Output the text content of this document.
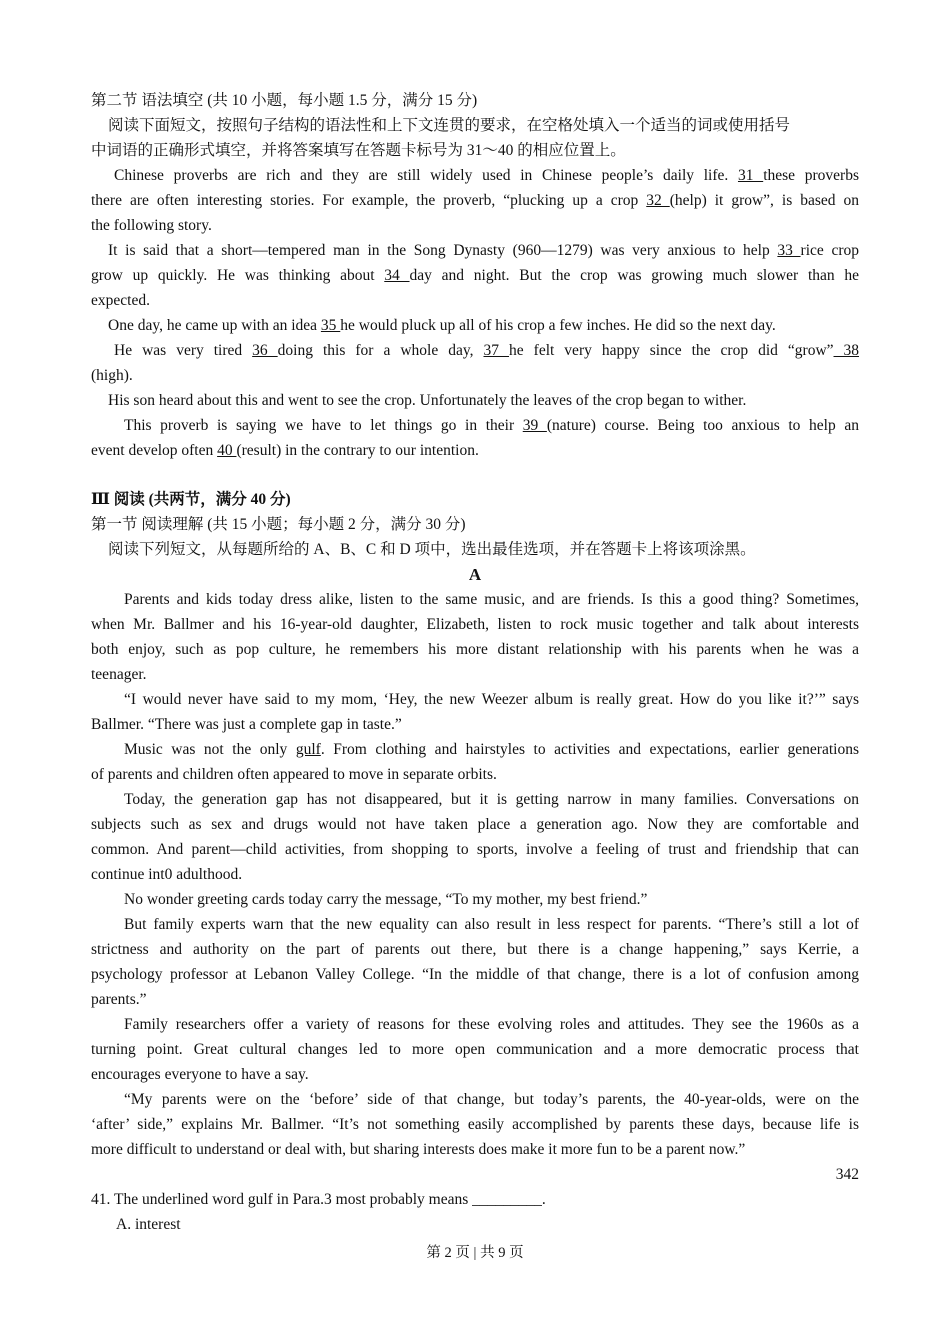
第二节 语法填空 (共 10 小题，每小题 1.5 分，满分 15 分)
阅读下面短文，按照句子结构的语法性和上下文连贯的要求，在空格处填入一个适当的词或使用括号
中词语的正确形式填空，并将答案填写在答题卡标号为 31～40 的相应位置上。
Chinese proverbs are rich and they are still widely used in Chinese people’s daily life. 31 these proverbs
there are often interesting stories. For example, the proverb, “plucking up a crop 32 (help) it grow”, is based on
the following story.
It is said that a short—tempered man in the Song Dynasty (960—1279) was very anxious to help 33 rice crop
grow up quickly. He was thinking about 34 day and night. But the crop was growing much slower than he
expected.
One day, he came up with an idea 35 he would pluck up all of his crop a few inches. He did so the next day.
He was very tired 36 doing this for a whole day, 37 he felt very happy since the crop did “grow” 38
(high).
His son heard about this and went to see the crop. Unfortunately the leaves of the crop began to wither.
This proverb is saying we have to let things go in their 39 (nature) course. Being too anxious to help an
event develop often 40 (result) in the contrary to our intention.
Ⅲ 阅读 (共两节，满分 40 分)
第一节 阅读理解 (共 15 小题；每小题 2 分，满分 30 分)
阅读下列短文，从每题所给的 A、B、C 和 D 项中，选出最佳选项，并在答题卡上将该项涂黑。
A
Parents and kids today dress alike, listen to the same music, and are friends. Is this a good thing? Sometimes,
when Mr. Ballmer and his 16-year-old daughter, Elizabeth, listen to rock music together and talk about interests
both enjoy, such as pop culture, he remembers his more distant relationship with his parents when he was a
teenager.
“I would never have said to my mom, ‘Hey, the new Weezer album is really great. How do you like it?’” says
Ballmer. “There was just a complete gap in taste.”
Music was not the only gulf. From clothing and hairstyles to activities and expectations, earlier generations
of parents and children often appeared to move in separate orbits.
Today, the generation gap has not disappeared, but it is getting narrow in many families. Conversations on
subjects such as sex and drugs would not have taken place a generation ago. Now they are comfortable and
common. And parent—child activities, from shopping to sports, involve a feeling of trust and friendship that can
continue int0 adulthood.
No wonder greeting cards today carry the message, “To my mother, my best friend.”
But family experts warn that the new equality can also result in less respect for parents. “There’s still a lot of
strictness and authority on the part of parents out there, but there is a change happening,” says Kerrie, a
psychology professor at Lebanon Valley College. “In the middle of that change, there is a lot of confusion among
parents.”
Family researchers offer a variety of reasons for these evolving roles and attitudes. They see the 1960s as a
turning point. Great cultural changes led to more open communication and a more democratic process that
encourages everyone to have a say.
“My parents were on the ‘before’ side of that change, but today’s parents, the 40-year-olds, were on the
‘after’ side,” explains Mr. Ballmer. “It’s not something easily accomplished by parents these days, because life is
more difficult to understand or deal with, but sharing interests does make it more fun to be a parent now.”
342
41. The underlined word gulf in Para.3 most probably means _________.
A. interest
第 2 页 | 共 9 页
